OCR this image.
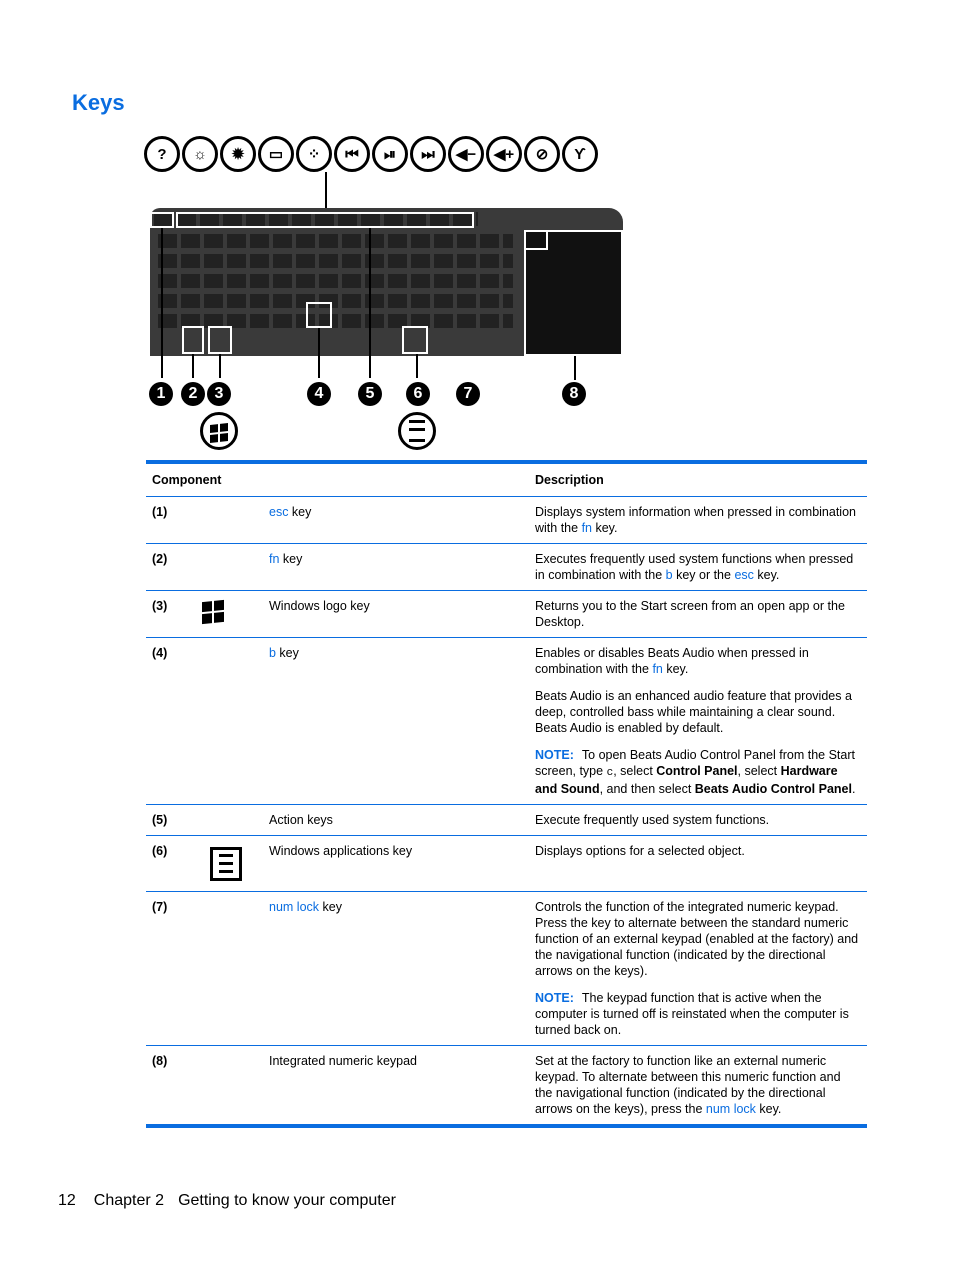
Keys
?	☼	✹	▭	⁘	⏮	⏯	⏭	◀−	◀+	⊘	ϒ
1	2	3	4	5	6	7	8
Component			Description
(1)		esc key	Displays system information when pressed in combination with the fn key.
(2)		fn key	Executes frequently used system functions when pressed in combination with the b key or the esc key.
(3)		Windows logo key	Returns you to the Start screen from an open app or the Desktop.
(4)		b key	Enables or disables Beats Audio when pressed in combination with the fn key.
Beats Audio is an enhanced audio feature that provides a deep, controlled bass while maintaining a clear sound. Beats Audio is enabled by default.
NOTE: To open Beats Audio Control Panel from the Start screen, type c, select Control Panel, select Hardware and Sound, and then select Beats Audio Control Panel.

(5)		Action keys	Execute frequently used system functions.
(6)		Windows applications key	Displays options for a selected object.
(7)		num lock key	Controls the function of the integrated numeric keypad. Press the key to alternate between the standard numeric function of an external keypad (enabled at the factory) and the navigational function (indicated by the directional arrows on the keys).
NOTE: The keypad function that is active when the computer is turned off is reinstated when the computer is turned back on.

(8)		Integrated numeric keypad	Set at the factory to function like an external numeric keypad. To alternate between this numeric function and the navigational function (indicated by the directional arrows on the keys), press the num lock key.
12 Chapter 2 Getting to know your computer
